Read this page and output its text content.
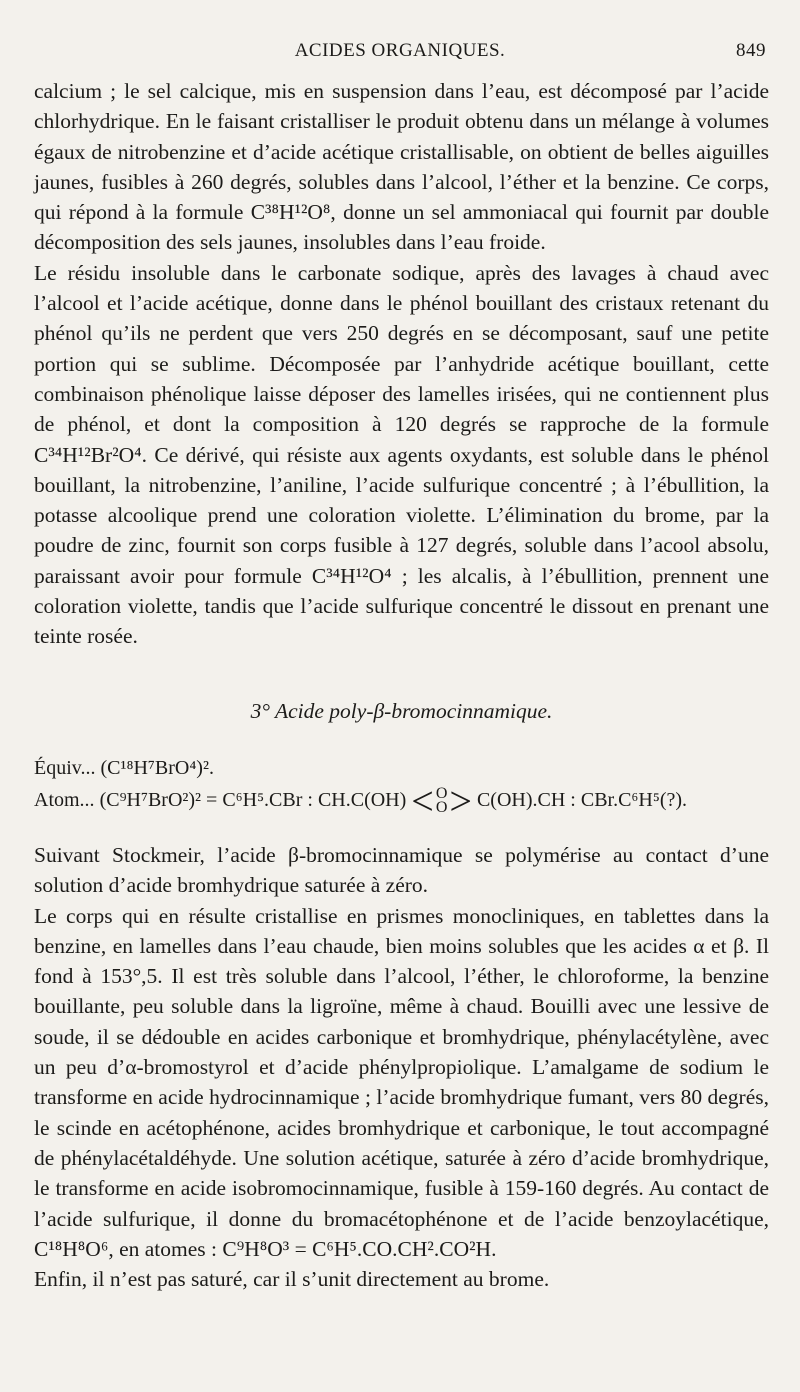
ACIDES ORGANIQUES.	849

calcium ; le sel calcique, mis en suspension dans l’eau, est décomposé par l’acide chlorhydrique. En le faisant cristalliser le produit obtenu dans un mélange à volumes égaux de nitrobenzine et d’acide acétique cristallisable, on obtient de belles aiguilles jaunes, fusibles à 260 degrés, solubles dans l’alcool, l’éther et la benzine. Ce corps, qui répond à la formule C³⁸H¹²O⁸, donne un sel ammoniacal qui fournit par double décomposition des sels jaunes, insolubles dans l’eau froide.

Le résidu insoluble dans le carbonate sodique, après des lavages à chaud avec l’alcool et l’acide acétique, donne dans le phénol bouillant des cristaux retenant du phénol qu’ils ne perdent que vers 250 degrés en se décomposant, sauf une petite portion qui se sublime. Décomposée par l’anhydride acétique bouillant, cette combinaison phénolique laisse déposer des lamelles irisées, qui ne contiennent plus de phénol, et dont la composition à 120 degrés se rapproche de la formule C³⁴H¹²Br²O⁴. Ce dérivé, qui résiste aux agents oxydants, est soluble dans le phénol bouillant, la nitrobenzine, l’aniline, l’acide sulfurique concentré ; à l’ébullition, la potasse alcoolique prend une coloration violette. L’élimination du brome, par la poudre de zinc, fournit son corps fusible à 127 degrés, soluble dans l’acool absolu, paraissant avoir pour formule C³⁴H¹²O⁴ ; les alcalis, à l’ébullition, prennent une coloration violette, tandis que l’acide sulfurique concentré le dissout en prenant une teinte rosée.

3° Acide poly-β-bromocinnamique.
Équiv... (C¹⁸H⁷BrO⁴)².
Atom... (C⁹H⁷BrO²)² = C⁶H⁵.CBr : CH.C(OH) < O
O > C(OH).CH : CBr.C⁶H⁵(?).

Suivant Stockmeir, l’acide β-bromocinnamique se polymérise au contact d’une solution d’acide bromhydrique saturée à zéro.

Le corps qui en résulte cristallise en prismes monocliniques, en tablettes dans la benzine, en lamelles dans l’eau chaude, bien moins solubles que les acides α et β. Il fond à 153°,5. Il est très soluble dans l’alcool, l’éther, le chloroforme, la benzine bouillante, peu soluble dans la ligroïne, même à chaud. Bouilli avec une lessive de soude, il se dédouble en acides carbonique et bromhydrique, phénylacétylène, avec un peu d’α-bromostyrol et d’acide phénylpropiolique. L’amalgame de sodium le transforme en acide hydrocinnamique ; l’acide bromhydrique fumant, vers 80 degrés, le scinde en acétophénone, acides bromhydrique et carbonique, le tout accompagné de phénylacétaldéhyde. Une solution acétique, saturée à zéro d’acide bromhydrique, le transforme en acide isobromocinnamique, fusible à 159-160 degrés. Au contact de l’acide sulfurique, il donne du bromacétophénone et de l’acide benzoylacétique, C¹⁸H⁸O⁶, en atomes : C⁹H⁸O³ = C⁶H⁵.CO.CH².CO²H.

Enfin, il n’est pas saturé, car il s’unit directement au brome.
